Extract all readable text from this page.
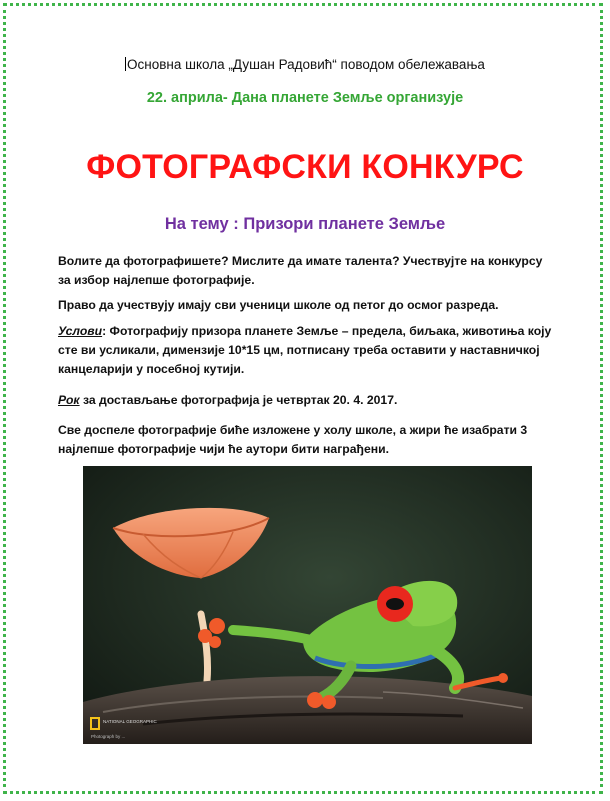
Основна школа „Душан Радовић“ поводом обележавања
22. априла- Дана планете Земље организује
ФОТОГРАФСКИ КОНКУРС
На тему : Призори планете Земље
Волите да фотографишете? Мислите да имате талента? Учествујте на конкурсу за избор најлепше фотографије.
Право да учествују имају сви ученици школе од петог до осмог разреда.
Услови: Фотографију призора планете Земље – предела, биљака, животиња коју сте ви усликали, димензије 10*15 цм, потписану треба оставити у наставничкој канцеларији у посебној кутији.
Рок за достављање фотографија је четвртак 20. 4. 2017.
Све доспеле фотографије биће изложене у холу школе, а жири ће изабрати 3 најлепше фотографије чији ће аутори бити награђени.
NATIONAL GEOGRAPHIC
Photograph by ...
